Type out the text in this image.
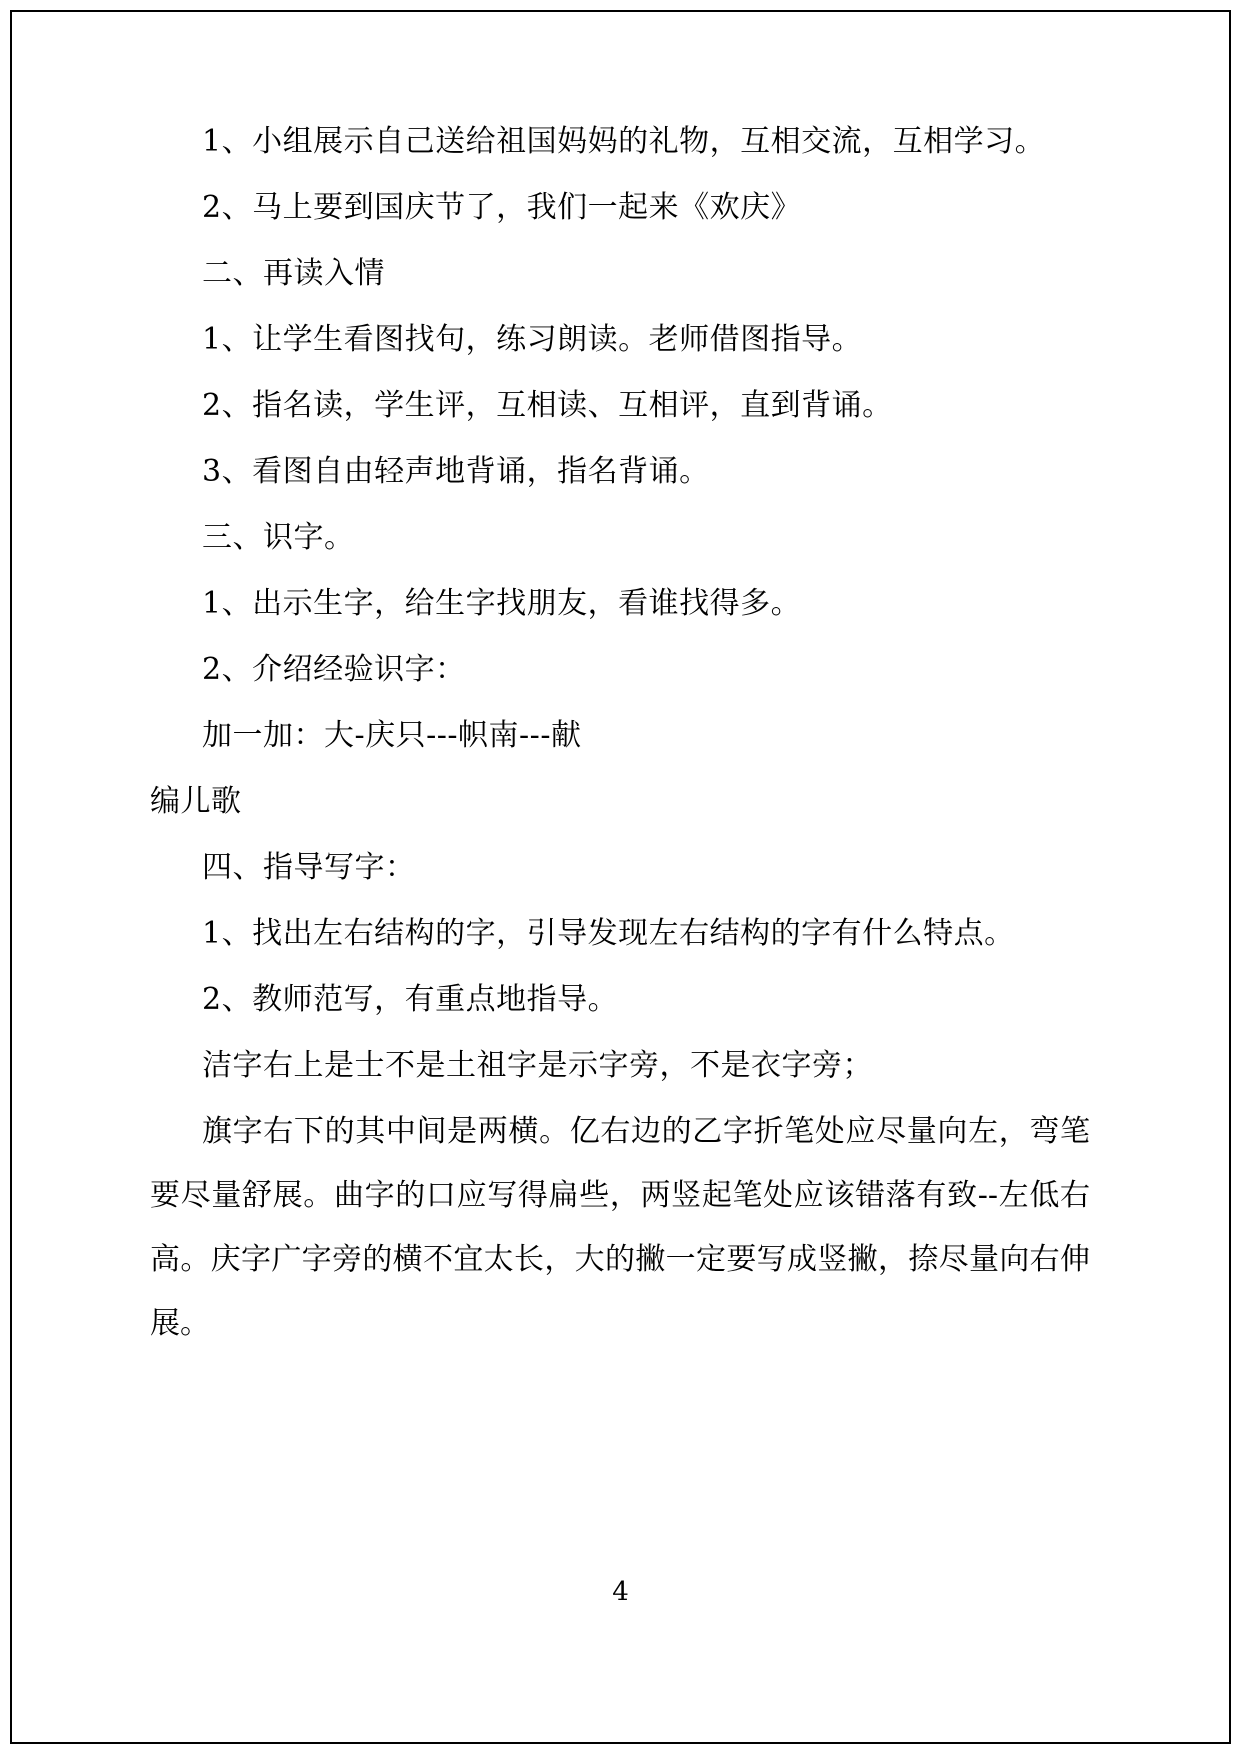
1、小组展示自己送给祖国妈妈的礼物，互相交流，互相学习。

2、马上要到国庆节了，我们一起来《欢庆》

二、再读入情

1、让学生看图找句，练习朗读。老师借图指导。

2、指名读，学生评，互相读、互相评，直到背诵。

3、看图自由轻声地背诵，指名背诵。

三、识字。

1、出示生字，给生字找朋友，看谁找得多。

2、介绍经验识字：

加一加：大-庆只---帜南---献

编儿歌

四、指导写字：

1、找出左右结构的字，引导发现左右结构的字有什么特点。

2、教师范写，有重点地指导。

洁字右上是士不是土祖字是示字旁，不是衣字旁；

旗字右下的其中间是两横。亿右边的乙字折笔处应尽量向左，弯笔要尽量舒展。曲字的口应写得扁些，两竖起笔处应该错落有致--左低右高。庆字广字旁的横不宜太长，大的撇一定要写成竖撇，捺尽量向右伸展。

4
